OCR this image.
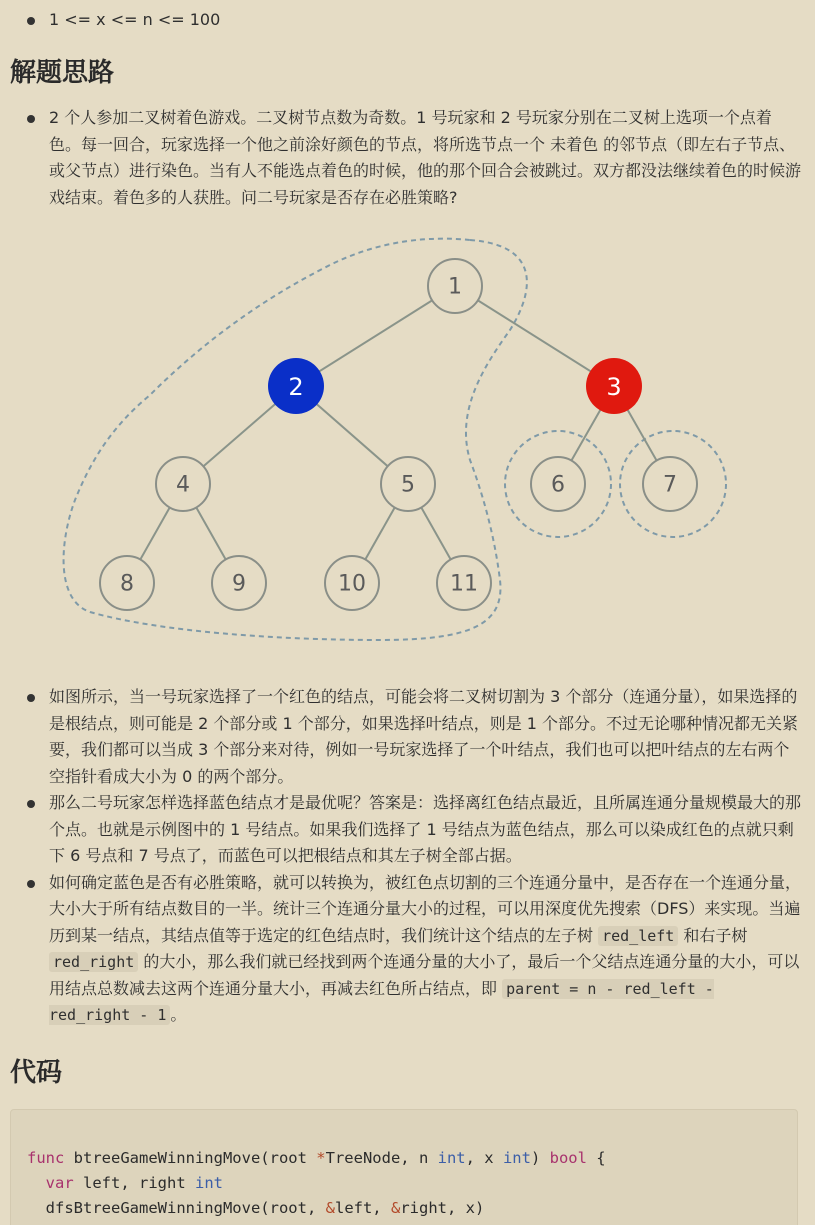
1 <= x <= n <= 100
解题思路
2 个人参加二叉树着色游戏。二叉树节点数为奇数。1 号玩家和 2 号玩家分别在二叉树上选项一个点着色。每一回合，玩家选择一个他之前涂好颜色的节点，将所选节点一个 未着色 的邻节点（即左右子节点、或父节点）进行染色。当有人不能选点着色的时候，他的那个回合会被跳过。双方都没法继续着色的时候游戏结束。着色多的人获胜。问二号玩家是否存在必胜策略?
1
2	3
4	5	6	7
8	9	10	11
如图所示，当一号玩家选择了一个红色的结点，可能会将二叉树切割为 3 个部分（连通分量），如果选择的是根结点，则可能是 2 个部分或 1 个部分，如果选择叶结点，则是 1 个部分。不过无论哪种情况都无关紧要，我们都可以当成 3 个部分来对待，例如一号玩家选择了一个叶结点，我们也可以把叶结点的左右两个空指针看成大小为 0 的两个部分。
那么二号玩家怎样选择蓝色结点才是最优呢？答案是：选择离红色结点最近，且所属连通分量规模最大的那个点。也就是示例图中的 1 号结点。如果我们选择了 1 号结点为蓝色结点，那么可以染成红色的点就只剩下 6 号点和 7 号点了，而蓝色可以把根结点和其左子树全部占据。
如何确定蓝色是否有必胜策略，就可以转换为，被红色点切割的三个连通分量中，是否存在一个连通分量，大小大于所有结点数目的一半。统计三个连通分量大小的过程，可以用深度优先搜索（DFS）来实现。当遍历到某一结点，其结点值等于选定的红色结点时，我们统计这个结点的左子树 red_left 和右子树 red_right 的大小，那么我们就已经找到两个连通分量的大小了，最后一个父结点连通分量的大小，可以用结点总数减去这两个连通分量大小，再减去红色所占结点，即 parent = n - red_left - red_right - 1 。
代码
func btreeGameWinningMove(root *TreeNode, n int, x int) bool {
var left, right int
dfsBtreeGameWinningMove(root, &left, &right, x)
